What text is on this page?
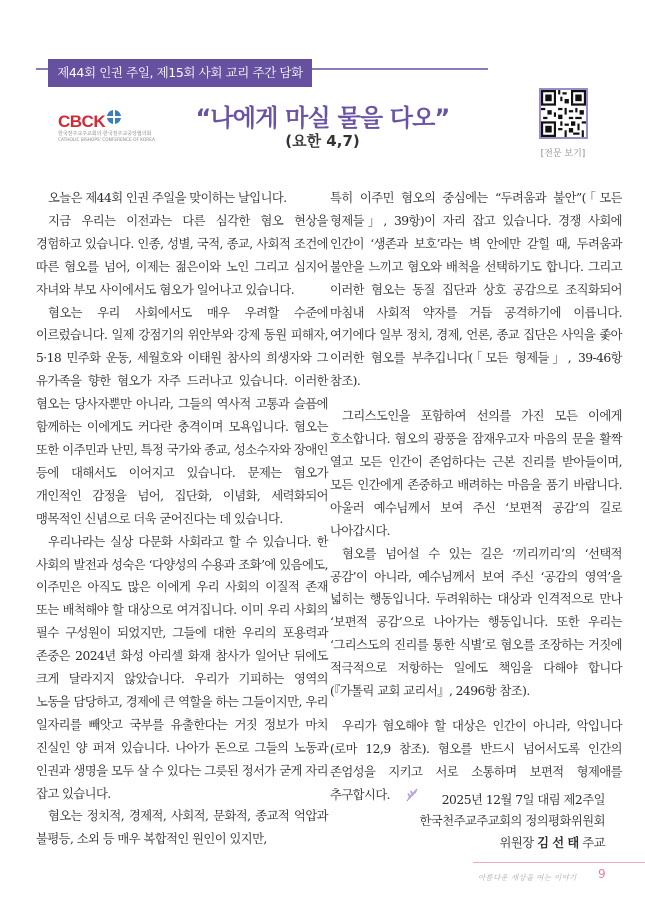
제44회 인권 주일, 제15회 사회 교리 주간 담화 (요약)
CBCK
한국천주교주교회의·한국천주교중앙협의회
CATHOLIC BISHOPS' CONFERENCE OF KOREA
“나에게 마실 물을 다오”
(요한 4,7)
[전문 보기]

오늘은 제44회 인권 주일을 맞이하는 날입니다.

지금 우리는 이전과는 다른 심각한 혐오 현상을 경험하고 있습니다. 인종, 성별, 국적, 종교, 사회적 조건에 따른 혐오를 넘어, 이제는 젊은이와 노인 그리고 심지어 자녀와 부모 사이에서도 혐오가 일어나고 있습니다.

혐오는 우리 사회에서도 매우 우려할 수준에 이르렀습니다. 일제 강점기의 위안부와 강제 동원 피해자, 5·18 민주화 운동, 세월호와 이태원 참사의 희생자와 그 유가족을 향한 혐오가 자주 드러나고 있습니다. 이러한 혐오는 당사자뿐만 아니라, 그들의 역사적 고통과 슬픔에 함께하는 이에게도 커다란 충격이며 모욕입니다. 혐오는 또한 이주민과 난민, 특정 국가와 종교, 성소수자와 장애인 등에 대해서도 이어지고 있습니다. 문제는 혐오가 개인적인 감정을 넘어, 집단화, 이념화, 세력화되어 맹목적인 신념으로 더욱 굳어진다는 데 있습니다.

우리나라는 실상 다문화 사회라고 할 수 있습니다. 한 사회의 발전과 성숙은 ‘다양성의 수용과 조화’에 있음에도, 이주민은 아직도 많은 이에게 우리 사회의 이질적 존재 또는 배척해야 할 대상으로 여겨집니다. 이미 우리 사회의 필수 구성원이 되었지만, 그들에 대한 우리의 포용력과 존중은 2024년 화성 아리셀 화재 참사가 일어난 뒤에도 크게 달라지지 않았습니다. 우리가 기피하는 영역의 노동을 담당하고, 경제에 큰 역할을 하는 그들이지만, 우리 일자리를 빼앗고 국부를 유출한다는 거짓 정보가 마치 진실인 양 퍼져 있습니다. 나아가 돈으로 그들의 노동과 인권과 생명을 모두 살 수 있다는 그릇된 정서가 굳게 자리 잡고 있습니다.

혐오는 정치적, 경제적, 사회적, 문화적, 종교적 억압과 불평등, 소외 등 매우 복합적인 원인이 있지만,

특히 이주민 혐오의 중심에는 “두려움과 불안”(「모든 형제들」, 39항)이 자리 잡고 있습니다. 경쟁 사회에 인간이 ‘생존과 보호’라는 벽 안에만 갇힐 때, 두려움과 불안을 느끼고 혐오와 배척을 선택하기도 합니다. 그리고 이러한 혐오는 동질 집단과 상호 공감으로 조직화되어 마침내 사회적 약자를 거듭 공격하기에 이릅니다. 여기에다 일부 정치, 경제, 언론, 종교 집단은 사익을 좇아 이러한 혐오를 부추깁니다(「모든 형제들」, 39-46항 참조).

그리스도인을 포함하여 선의를 가진 모든 이에게 호소합니다. 혐오의 광풍을 잠재우고자 마음의 문을 활짝 열고 모든 인간이 존엄하다는 근본 진리를 받아들이며, 모든 인간에게 존중하고 배려하는 마음을 품기 바랍니다. 아울러 예수님께서 보여 주신 ‘보편적 공감’의 길로 나아갑시다.

혐오를 넘어설 수 있는 길은 ‘끼리끼리’의 ‘선택적 공감’이 아니라, 예수님께서 보여 주신 ‘공감의 영역’을 넓히는 행동입니다. 두려워하는 대상과 인격적으로 만나 ‘보편적 공감’으로 나아가는 행동입니다. 또한 우리는 ‘그리스도의 진리를 통한 식별’로 혐오를 조장하는 거짓에 적극적으로 저항하는 일에도 책임을 다해야 합니다(『가톨릭 교회 교리서』, 2496항 참조).

우리가 혐오해야 할 대상은 인간이 아니라, 악입니다(로마 12,9 참조). 혐오를 반드시 넘어서도록 인간의 존엄성을 지키고 서로 소통하며 보편적 형제애를 추구합시다.	2025년 12월 7일 대림 제2주일
한국천주교주교회의 정의평화위원회
위원장 김 선 태 주교
아름다운 세상을 여는 이야기 9
